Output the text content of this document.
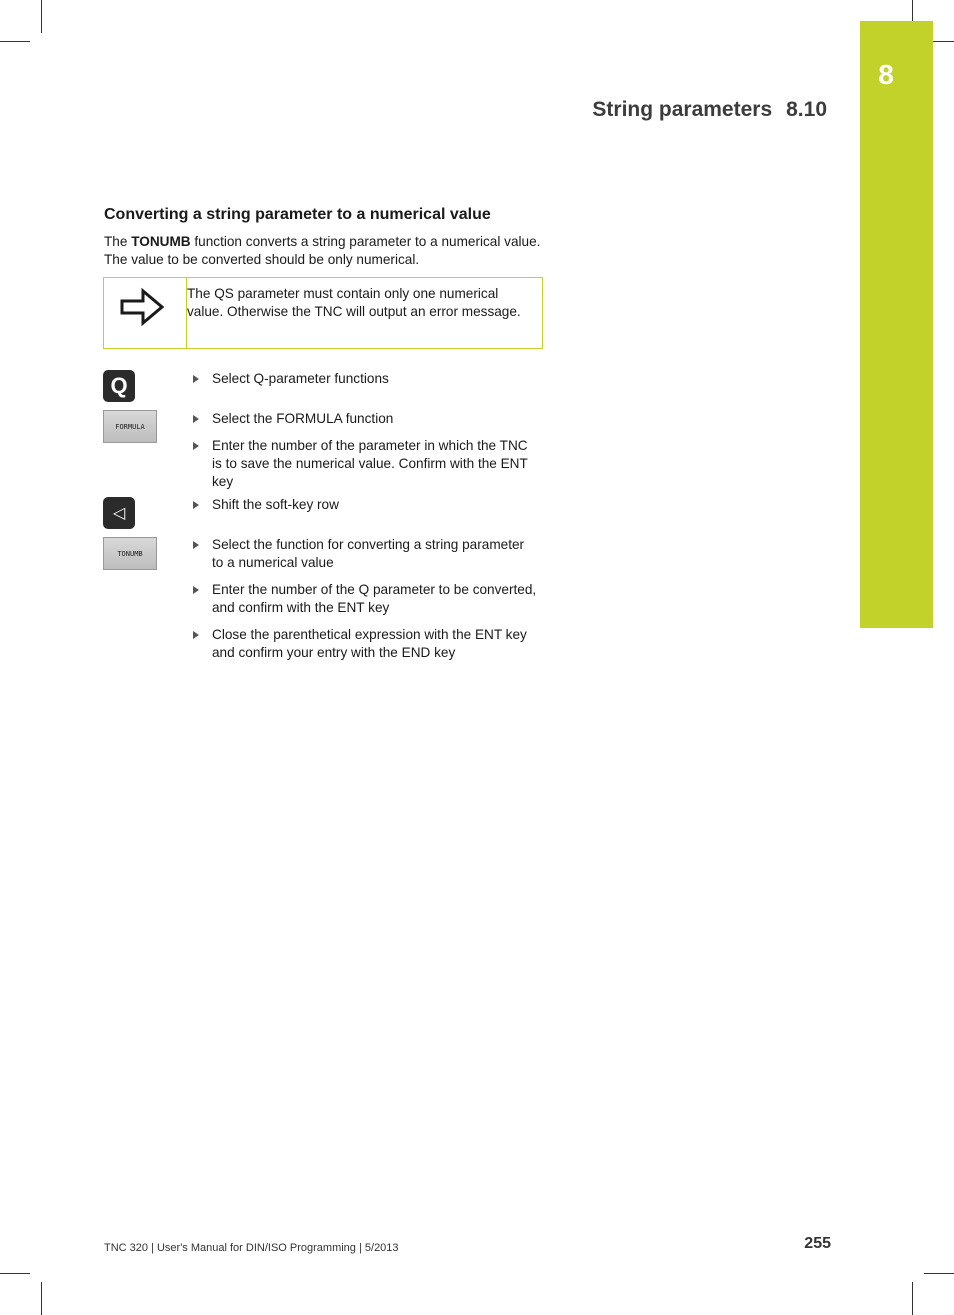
8
String parameters 8.10
Converting a string parameter to a numerical value

The TONUMB function converts a string parameter to a numerical value. The value to be converted should be only numerical.

The QS parameter must contain only one numerical value. Otherwise the TNC will output an error message.
Q
FORMULA
◁
TONUMB
Select Q-parameter functions
Select the FORMULA function
Enter the number of the parameter in which the TNC is to save the numerical value. Confirm with the ENT key
Shift the soft-key row
Select the function for converting a string parameter to a numerical value
Enter the number of the Q parameter to be converted, and confirm with the ENT key
Close the parenthetical expression with the ENT key and confirm your entry with the END key
TNC 320 | User's Manual for DIN/ISO Programming | 5/2013	255
